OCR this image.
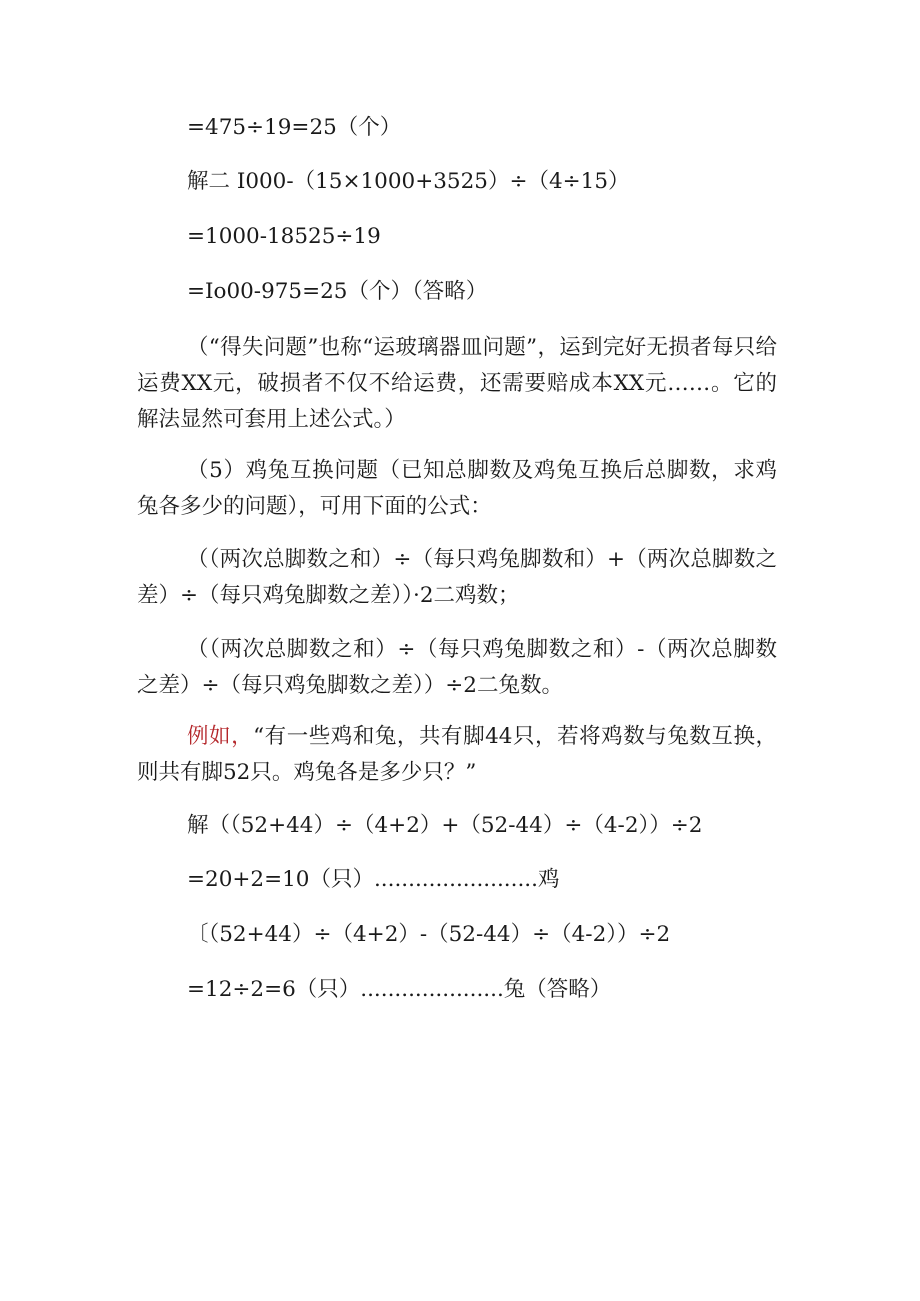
=475÷19=25（个）
解二 I000-（15×1000+3525）÷（4÷15）
=1000-18525÷19
=Io00-975=25（个）（答略）
（“得失问题”也称“运玻璃器皿问题”，运到完好无损者每只给运费XX元，破损者不仅不给运费，还需要赔成本XX元……。它的解法显然可套用上述公式。）
（5）鸡兔互换问题（已知总脚数及鸡兔互换后总脚数，求鸡兔各多少的问题），可用下面的公式：
（（两次总脚数之和）÷（每只鸡兔脚数和）+（两次总脚数之差）÷（每只鸡兔脚数之差））·2二鸡数；
（（两次总脚数之和）÷（每只鸡兔脚数之和）-（两次总脚数之差）÷（每只鸡兔脚数之差））÷2二兔数。
例如，“有一些鸡和兔，共有脚44只，若将鸡数与兔数互换，则共有脚52只。鸡兔各是多少只？”
解（（52+44）÷（4+2）+（52-44）÷（4-2））÷2
=20+2=10（只）........................鸡
〔（52+44）÷（4+2）-（52-44）÷（4-2））÷2
=12÷2=6（只）.....................兔（答略）
